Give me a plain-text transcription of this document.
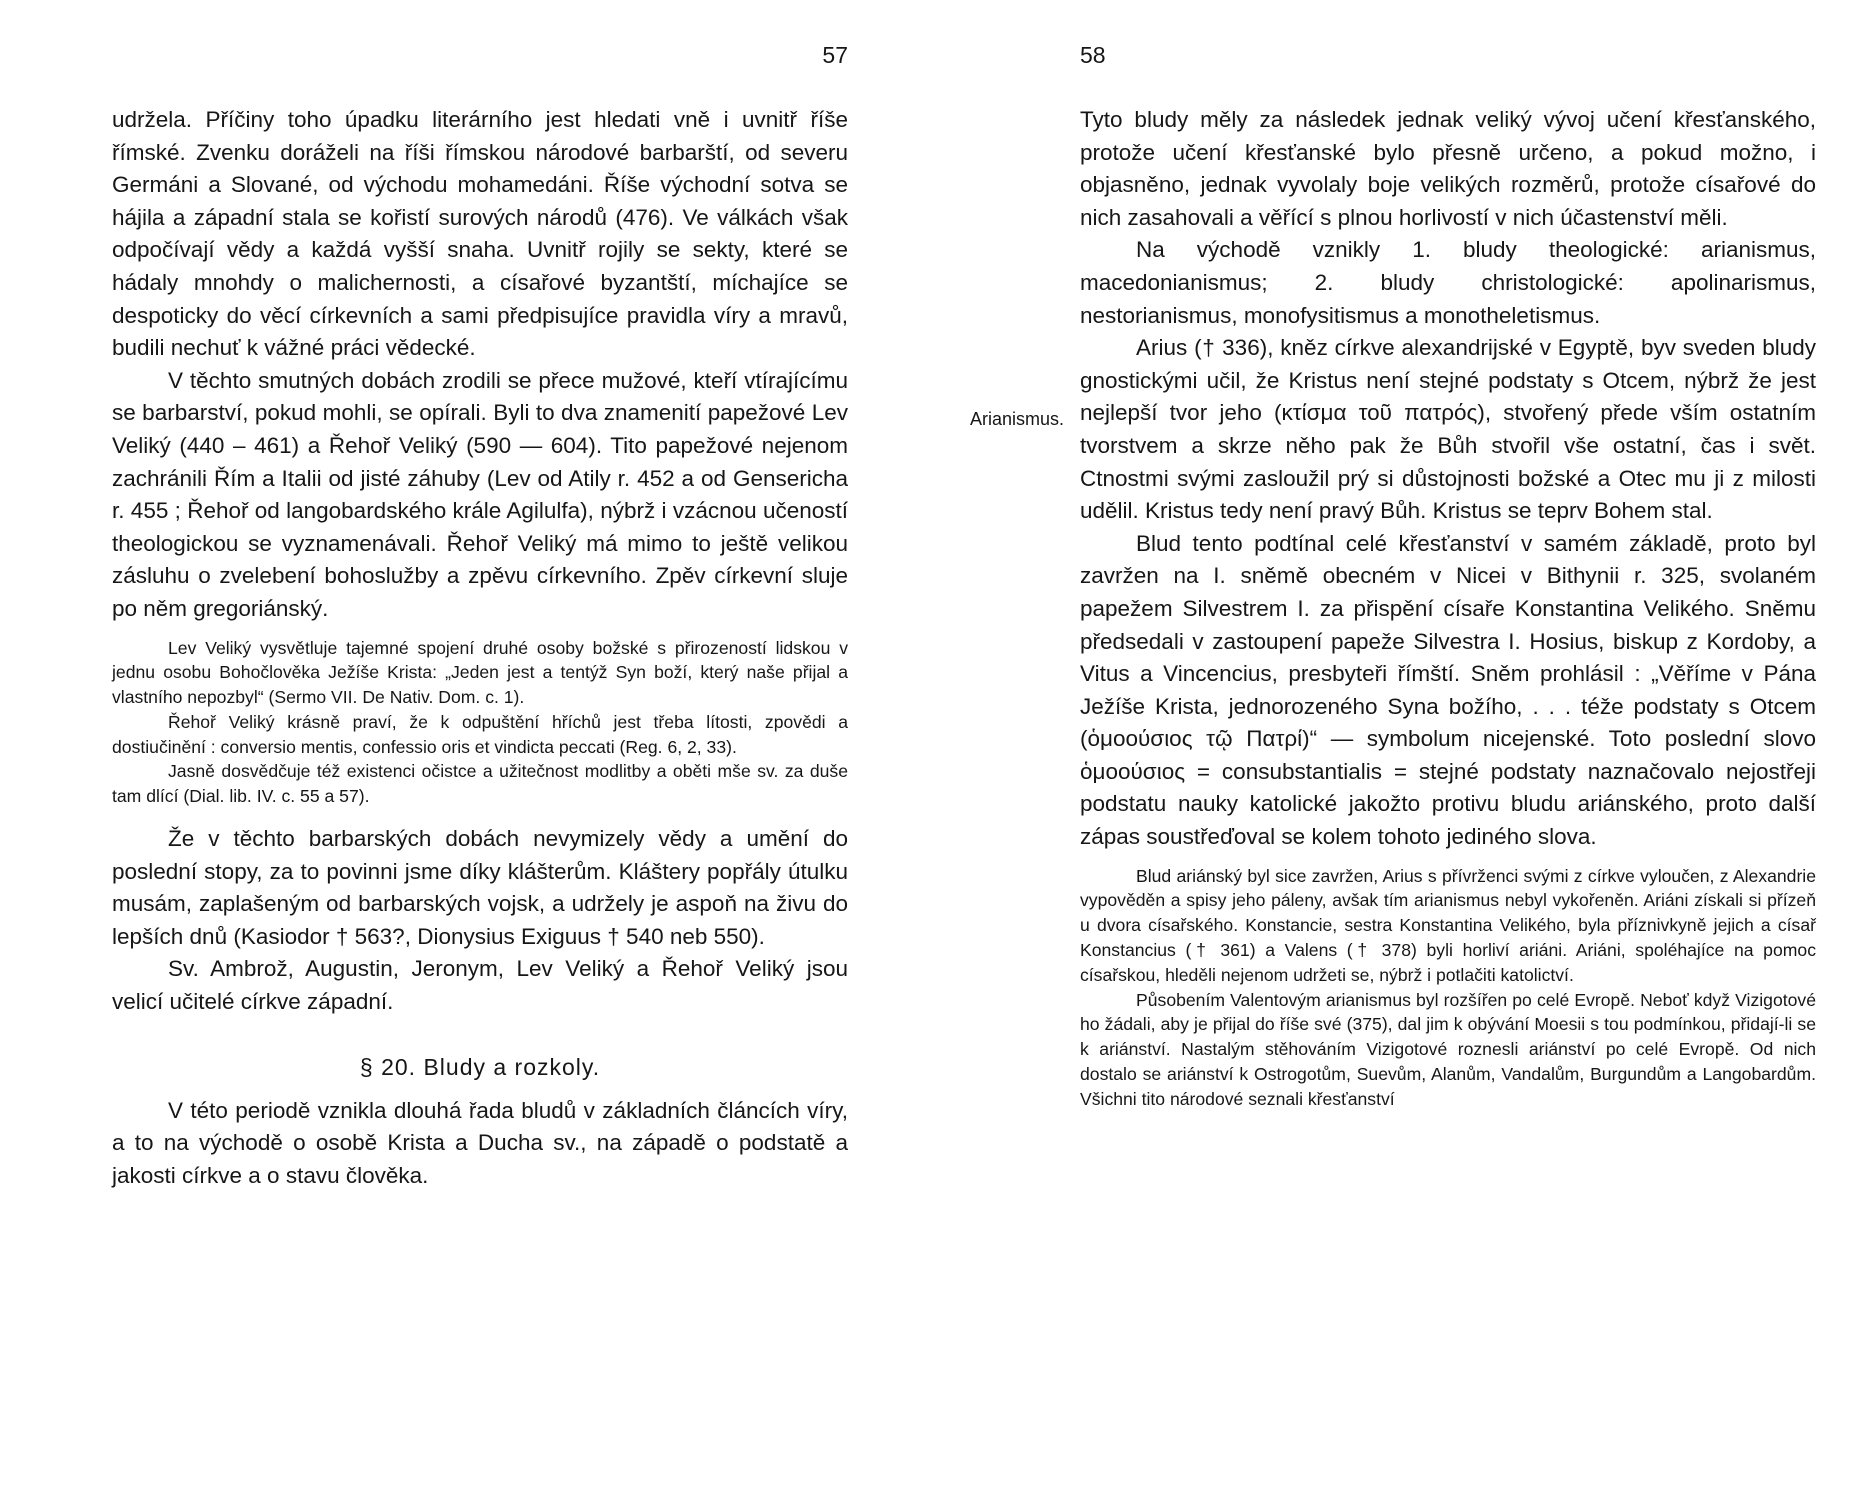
57

udržela. Příčiny toho úpadku literárního jest hledati vně i uvnitř říše římské. Zvenku doráželi na říši římskou národové barbarští, od severu Germáni a Slované, od východu mohamedáni. Říše východní sotva se hájila a západní stala se kořistí surových národů (476). Ve válkách však odpočívají vědy a každá vyšší snaha. Uvnitř rojily se sekty, které se hádaly mnohdy o malichernosti, a císařové byzantští, míchajíce se despoticky do věcí církevních a sami předpisujíce pravidla víry a mravů, budili nechuť k vážné práci vědecké.

V těchto smutných dobách zrodili se přece mužové, kteří vtírajícímu se barbarství, pokud mohli, se opírali. Byli to dva znamenití papežové Lev Veliký (440 – 461) a Řehoř Veliký (590 — 604). Tito papežové nejenom zachránili Řím a Italii od jisté záhuby (Lev od Atily r. 452 a od Gensericha r. 455 ; Řehoř od langobardského krále Agilulfa), nýbrž i vzácnou učeností theologickou se vyznamenávali. Řehoř Veliký má mimo to ještě velikou zásluhu o zvelebení bohoslužby a zpěvu církevního. Zpěv církevní sluje po něm gregoriánský.

Lev Veliký vysvětluje tajemné spojení druhé osoby božské s přirozeností lidskou v jednu osobu Bohočlověka Ježíše Krista: „Jeden jest a tentýž Syn boží, který naše přijal a vlastního nepozbyl“ (Sermo VII. De Nativ. Dom. c. 1).

Řehoř Veliký krásně praví, že k odpuštění hříchů jest třeba lítosti, zpovědi a dostiučinění : conversio mentis, confessio oris et vindicta peccati (Reg. 6, 2, 33).

Jasně dosvědčuje též existenci očistce a užitečnost modlitby a oběti mše sv. za duše tam dlící (Dial. lib. IV. c. 55 a 57).

Že v těchto barbarských dobách nevymizely vědy a umění do poslední stopy, za to povinni jsme díky klášterům. Kláštery popřály útulku musám, zaplašeným od barbarských vojsk, a udržely je aspoň na živu do lepších dnů (Kasiodor † 563?, Dionysius Exiguus † 540 neb 550).

Sv. Ambrož, Augustin, Jeronym, Lev Veliký a Řehoř Veliký jsou velicí učitelé církve západní.

§ 20. Bludy a rozkoly.

V této periodě vznikla dlouhá řada bludů v základních článcích víry, a to na východě o osobě Krista a Ducha sv., na západě o podstatě a jakosti církve a o stavu člověka.

Arianismus.
58

Tyto bludy měly za následek jednak veliký vývoj učení křesťanského, protože učení křesťanské bylo přesně určeno, a pokud možno, i objasněno, jednak vyvolaly boje velikých rozměrů, protože císařové do nich zasahovali a věřící s plnou horlivostí v nich účastenství měli.

Na východě vznikly 1. bludy theologické: arianismus, macedonianismus; 2. bludy christologické: apolinarismus, nestorianismus, monofysitismus a monotheletismus.

Arius († 336), kněz církve alexandrijské v Egyptě, byv sveden bludy gnostickými učil, že Kristus není stejné podstaty s Otcem, nýbrž že jest nejlepší tvor jeho (κτίσμα τοῦ πατρός), stvořený přede vším ostatním tvorstvem a skrze něho pak že Bůh stvořil vše ostatní, čas i svět. Ctnostmi svými zasloužil prý si důstojnosti božské a Otec mu ji z milosti udělil. Kristus tedy není pravý Bůh. Kristus se teprv Bohem stal.

Blud tento podtínal celé křesťanství v samém základě, proto byl zavržen na I. sněmě obecném v Nicei v Bithynii r. 325, svolaném papežem Silvestrem I. za přispění císaře Konstantina Velikého. Sněmu předsedali v zastoupení papeže Silvestra I. Hosius, biskup z Kordoby, a Vitus a Vincencius, presbyteři římští. Sněm prohlásil : „Věříme v Pána Ježíše Krista, jednorozeného Syna božího, . . . téže podstaty s Otcem (ὁμοούσιος τῷ Πατρί)“ — symbolum nicejenské. Toto poslední slovo ὁμοούσιος = consubstantialis = stejné podstaty naznačovalo nejostřeji podstatu nauky katolické jakožto protivu bludu ariánského, proto další zápas soustřeďoval se kolem tohoto jediného slova.

Blud ariánský byl sice zavržen, Arius s přívrženci svými z církve vyloučen, z Alexandrie vypověděn a spisy jeho páleny, avšak tím arianismus nebyl vykořeněn. Ariáni získali si přízeň u dvora císařského. Konstancie, sestra Konstantina Velikého, byla příznivkyně jejich a císař Konstancius († 361) a Valens († 378) byli horliví ariáni. Ariáni, spoléhajíce na pomoc císařskou, hleděli nejenom udržeti se, nýbrž i potlačiti katolictví.

Působením Valentovým arianismus byl rozšířen po celé Evropě. Neboť když Vizigotové ho žádali, aby je přijal do říše své (375), dal jim k obývání Moesii s tou podmínkou, přidají-li se k ariánství. Nastalým stěhováním Vizigotové roznesli ariánství po celé Evropě. Od nich dostalo se ariánství k Ostrogotům, Suevům, Alanům, Vandalům, Burgundům a Langobardům. Všichni tito národové seznali křesťanství
